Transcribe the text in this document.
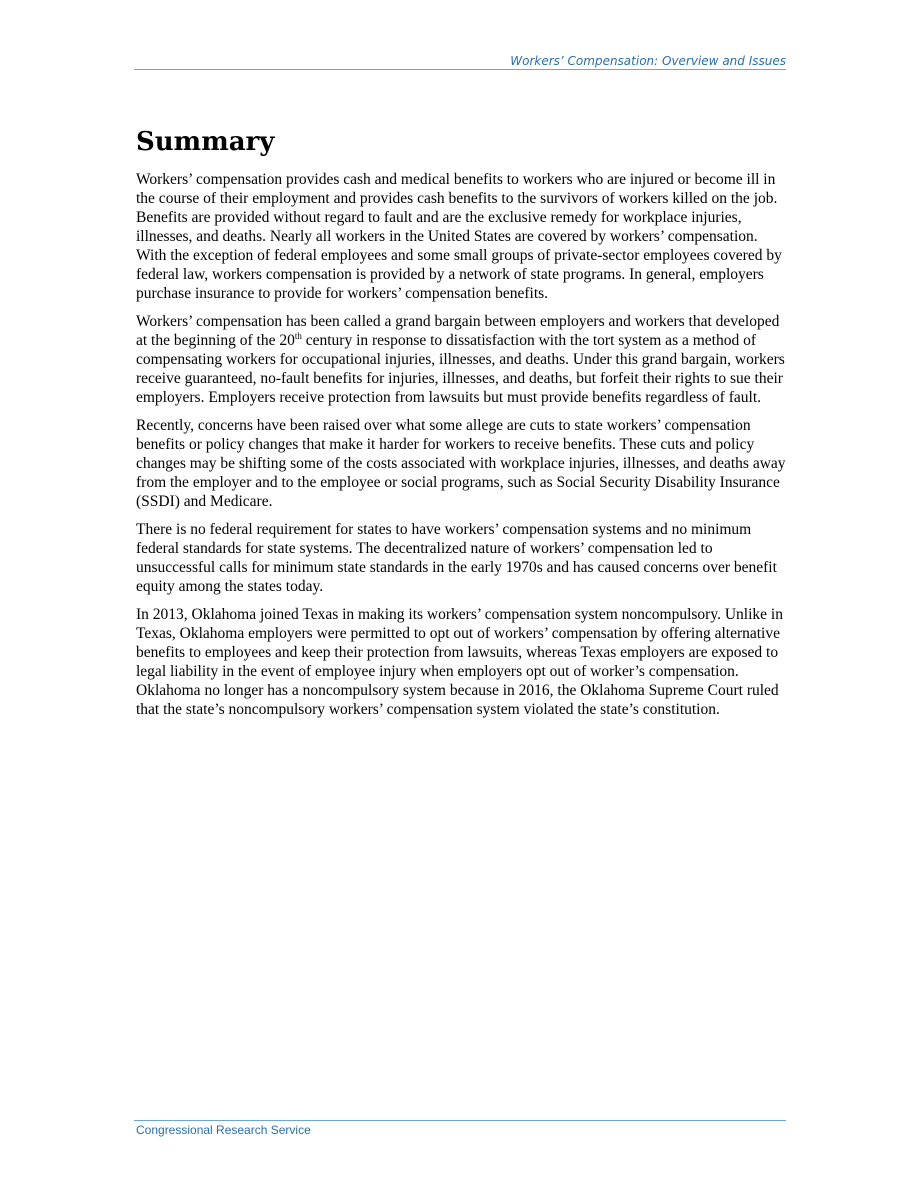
Workers’ Compensation: Overview and Issues
Summary

Workers’ compensation provides cash and medical benefits to workers who are injured or become ill in the course of their employment and provides cash benefits to the survivors of workers killed on the job. Benefits are provided without regard to fault and are the exclusive remedy for workplace injuries, illnesses, and deaths. Nearly all workers in the United States are covered by workers’ compensation. With the exception of federal employees and some small groups of private-sector employees covered by federal law, workers compensation is provided by a network of state programs. In general, employers purchase insurance to provide for workers’ compensation benefits.

Workers’ compensation has been called a grand bargain between employers and workers that developed at the beginning of the 20th century in response to dissatisfaction with the tort system as a method of compensating workers for occupational injuries, illnesses, and deaths. Under this grand bargain, workers receive guaranteed, no-fault benefits for injuries, illnesses, and deaths, but forfeit their rights to sue their employers. Employers receive protection from lawsuits but must provide benefits regardless of fault.

Recently, concerns have been raised over what some allege are cuts to state workers’ compensation benefits or policy changes that make it harder for workers to receive benefits. These cuts and policy changes may be shifting some of the costs associated with workplace injuries, illnesses, and deaths away from the employer and to the employee or social programs, such as Social Security Disability Insurance (SSDI) and Medicare.

There is no federal requirement for states to have workers’ compensation systems and no minimum federal standards for state systems. The decentralized nature of workers’ compensation led to unsuccessful calls for minimum state standards in the early 1970s and has caused concerns over benefit equity among the states today.

In 2013, Oklahoma joined Texas in making its workers’ compensation system noncompulsory. Unlike in Texas, Oklahoma employers were permitted to opt out of workers’ compensation by offering alternative benefits to employees and keep their protection from lawsuits, whereas Texas employers are exposed to legal liability in the event of employee injury when employers opt out of worker’s compensation. Oklahoma no longer has a noncompulsory system because in 2016, the Oklahoma Supreme Court ruled that the state’s noncompulsory workers’ compensation system violated the state’s constitution.

Congressional Research Service
